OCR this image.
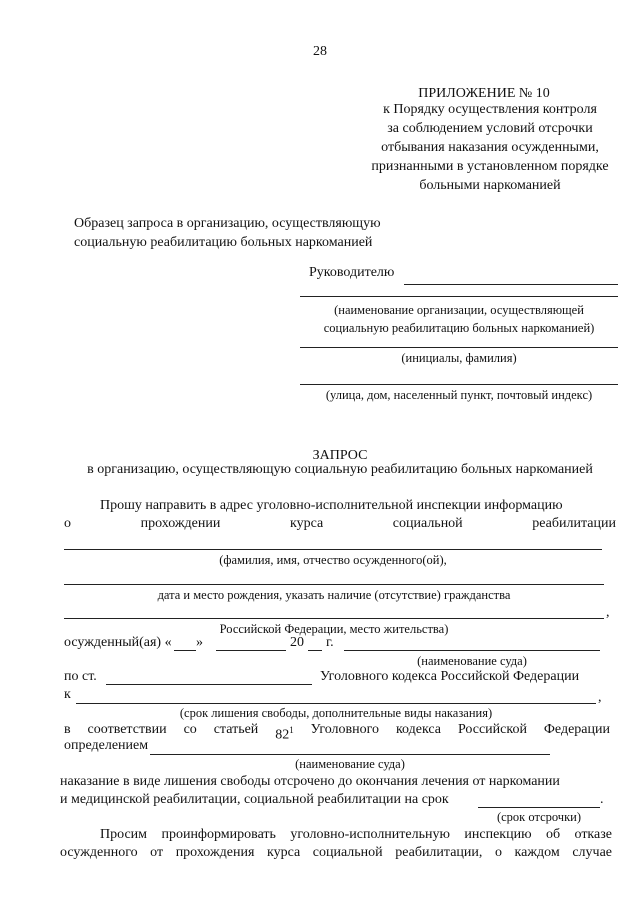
28
ПРИЛОЖЕНИЕ № 10
к Порядку осуществления контроля
за соблюдением условий отсрочки
отбывания наказания осужденными,
признанными в установленном порядке
больными наркоманией
Образец запроса в организацию, осуществляющую
социальную реабилитацию больных наркоманией
Руководителю
(наименование организации, осуществляющей
социальную реабилитацию больных наркоманией)
(инициалы, фамилия)
(улица, дом, населенный пункт, почтовый индекс)
ЗАПРОС
в организацию, осуществляющую социальную реабилитацию больных наркоманией
Прошу направить в адрес уголовно-исполнительной инспекции информацию
о	прохождении	курса	социальной	реабилитации
(фамилия, имя, отчество осужденного(ой),
дата и место рождения, указать наличие (отсутствие) гражданства
,
Российской Федерации, место жительства)
осужденный(ая) « »	20 г.
(наименование суда)
по ст.	Уголовного кодекса Российской Федерации
к	,
(срок лишения свободы, дополнительные виды наказания)
в соответствии со статьей $82^1$ Уголовного кодекса Российской Федерации
определением
(наименование суда)
наказание в виде лишения свободы отсрочено до окончания лечения от наркомании
и медицинской реабилитации, социальной реабилитации на срок	.
(срок отсрочки)
Просим проинформировать уголовно-исполнительную инспекцию об отказе
осужденного от прохождения курса социальной реабилитации, о каждом случае
